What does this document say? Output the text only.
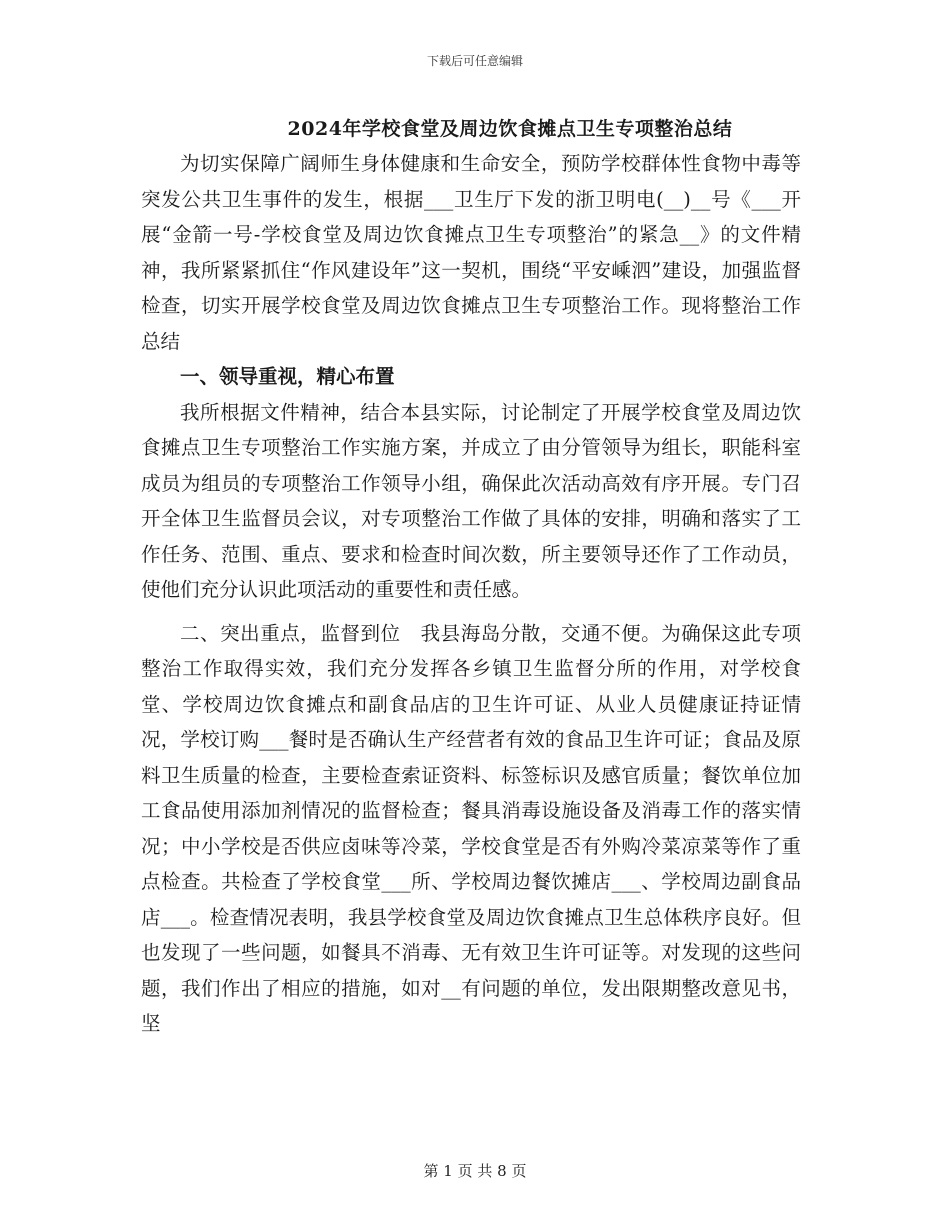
下载后可任意编辑
2024年学校食堂及周边饮食摊点卫生专项整治总结

为切实保障广阔师生身体健康和生命安全，预防学校群体性食物中毒等突发公共卫生事件的发生，根据___卫生厅下发的浙卫明电(__)__号《___开展“金箭一号-学校食堂及周边饮食摊点卫生专项整治”的紧急__》的文件精神，我所紧紧抓住“作风建设年”这一契机，围绕“平安嵊泗”建设，加强监督检查，切实开展学校食堂及周边饮食摊点卫生专项整治工作。现将整治工作总结

一、领导重视，精心布置

我所根据文件精神，结合本县实际，讨论制定了开展学校食堂及周边饮食摊点卫生专项整治工作实施方案，并成立了由分管领导为组长，职能科室成员为组员的专项整治工作领导小组，确保此次活动高效有序开展。专门召开全体卫生监督员会议，对专项整治工作做了具体的安排，明确和落实了工作任务、范围、重点、要求和检查时间次数，所主要领导还作了工作动员，使他们充分认识此项活动的重要性和责任感。

二、突出重点，监督到位　我县海岛分散，交通不便。为确保这此专项整治工作取得实效，我们充分发挥各乡镇卫生监督分所的作用，对学校食堂、学校周边饮食摊点和副食品店的卫生许可证、从业人员健康证持证情况，学校订购___餐时是否确认生产经营者有效的食品卫生许可证；食品及原料卫生质量的检查，主要检查索证资料、标签标识及感官质量；餐饮单位加工食品使用添加剂情况的监督检查；餐具消毒设施设备及消毒工作的落实情况；中小学校是否供应卤味等冷菜，学校食堂是否有外购冷菜凉菜等作了重点检查。共检查了学校食堂___所、学校周边餐饮摊店___、学校周边副食品店___。检查情况表明，我县学校食堂及周边饮食摊点卫生总体秩序良好。但也发现了一些问题，如餐具不消毒、无有效卫生许可证等。对发现的这些问题，我们作出了相应的措施，如对__有问题的单位，发出限期整改意见书，坚

第 1 页 共 8 页
